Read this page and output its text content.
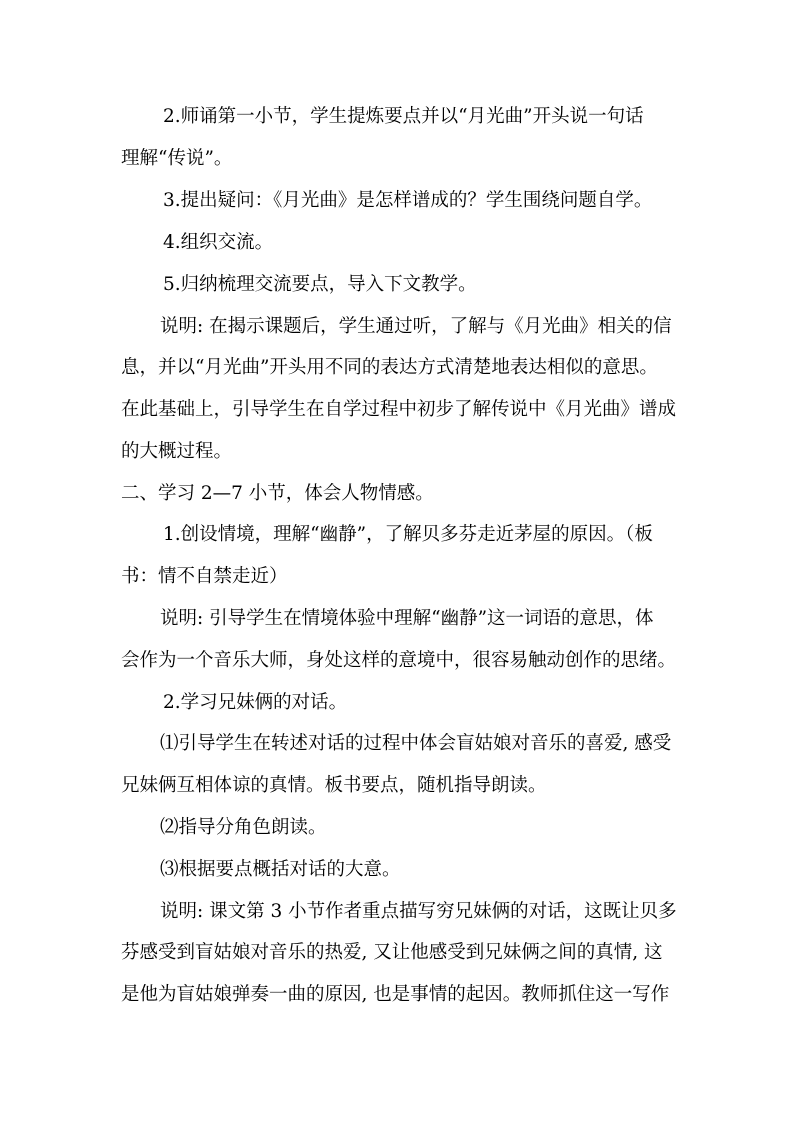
2.师诵第一小节，学生提炼要点并以“月光曲”开头说一句话
理解“传说”。
3.提出疑问：《月光曲》是怎样谱成的？学生围绕问题自学。
4.组织交流。
5.归纳梳理交流要点，导入下文教学。
说明: 在揭示课题后，学生通过听，了解与《月光曲》相关的信
息，并以“月光曲”开头用不同的表达方式清楚地表达相似的意思。
在此基础上，引导学生在自学过程中初步了解传说中《月光曲》谱成
的大概过程。
二、学习 2—7 小节，体会人物情感。
1.创设情境，理解“幽静”，了解贝多芬走近茅屋的原因。（板
书：情不自禁走近）
说明: 引导学生在情境体验中理解“幽静”这一词语的意思，体
会作为一个音乐大师，身处这样的意境中，很容易触动创作的思绪。
2.学习兄妹俩的对话。
⑴引导学生在转述对话的过程中体会盲姑娘对音乐的喜爱, 感受
兄妹俩互相体谅的真情。板书要点，随机指导朗读。
⑵指导分角色朗读。
⑶根据要点概括对话的大意。
说明: 课文第 3 小节作者重点描写穷兄妹俩的对话，这既让贝多
芬感受到盲姑娘对音乐的热爱, 又让他感受到兄妹俩之间的真情, 这
是他为盲姑娘弹奏一曲的原因, 也是事情的起因。教师抓住这一写作
